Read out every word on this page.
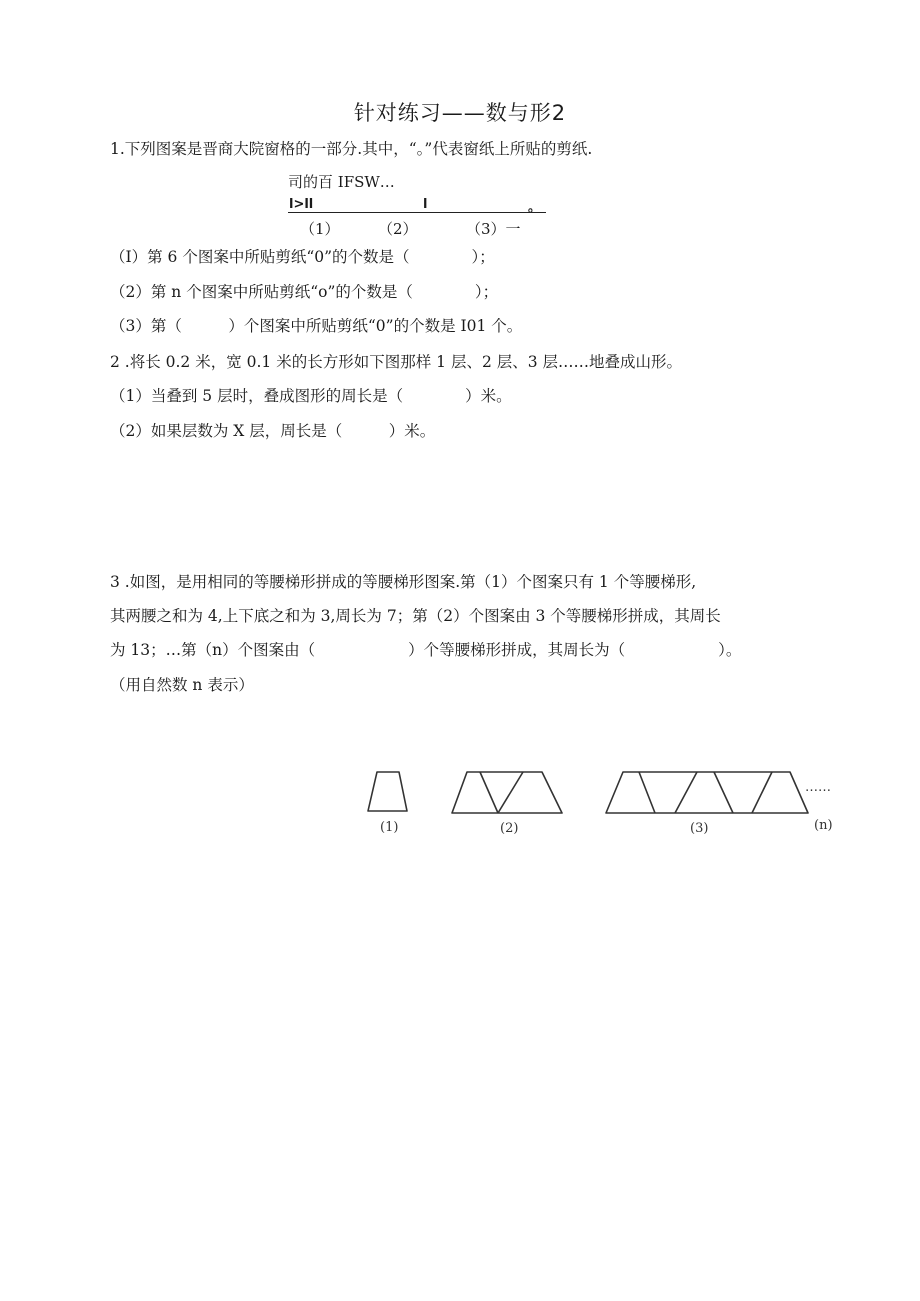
针对练习——数与形2
1.下列图案是晋商大院窗格的一部分.其中，“。”代表窗纸上所贴的剪纸.
司的百 IFSW…
l>ll	l	。
（1）	（2）	（3）一
（I）第 6 个图案中所贴剪纸“0”的个数是（　　　　）；
（2）第 n 个图案中所贴剪纸“o”的个数是（　　　　）；
（3）第（　　　）个图案中所贴剪纸“0”的个数是 I01 个。
2 .将长 0.2 米，宽 0.1 米的长方形如下图那样 1 层、2 层、3 层……地叠成山形。
（1）当叠到 5 层时，叠成图形的周长是（　　　　）米。
（2）如果层数为 X 层，周长是（　　　）米。
3 .如图，是用相同的等腰梯形拼成的等腰梯形图案.第（1）个图案只有 1 个等腰梯形,
其两腰之和为 4,上下底之和为 3,周长为 7；第（2）个图案由 3 个等腰梯形拼成，其周长
为 13；…第（n）个图案由（　　　　　　）个等腰梯形拼成，其周长为（　　　　　　）。
（用自然数 n 表示）
……
(1)	(2)	(3)	(n)
